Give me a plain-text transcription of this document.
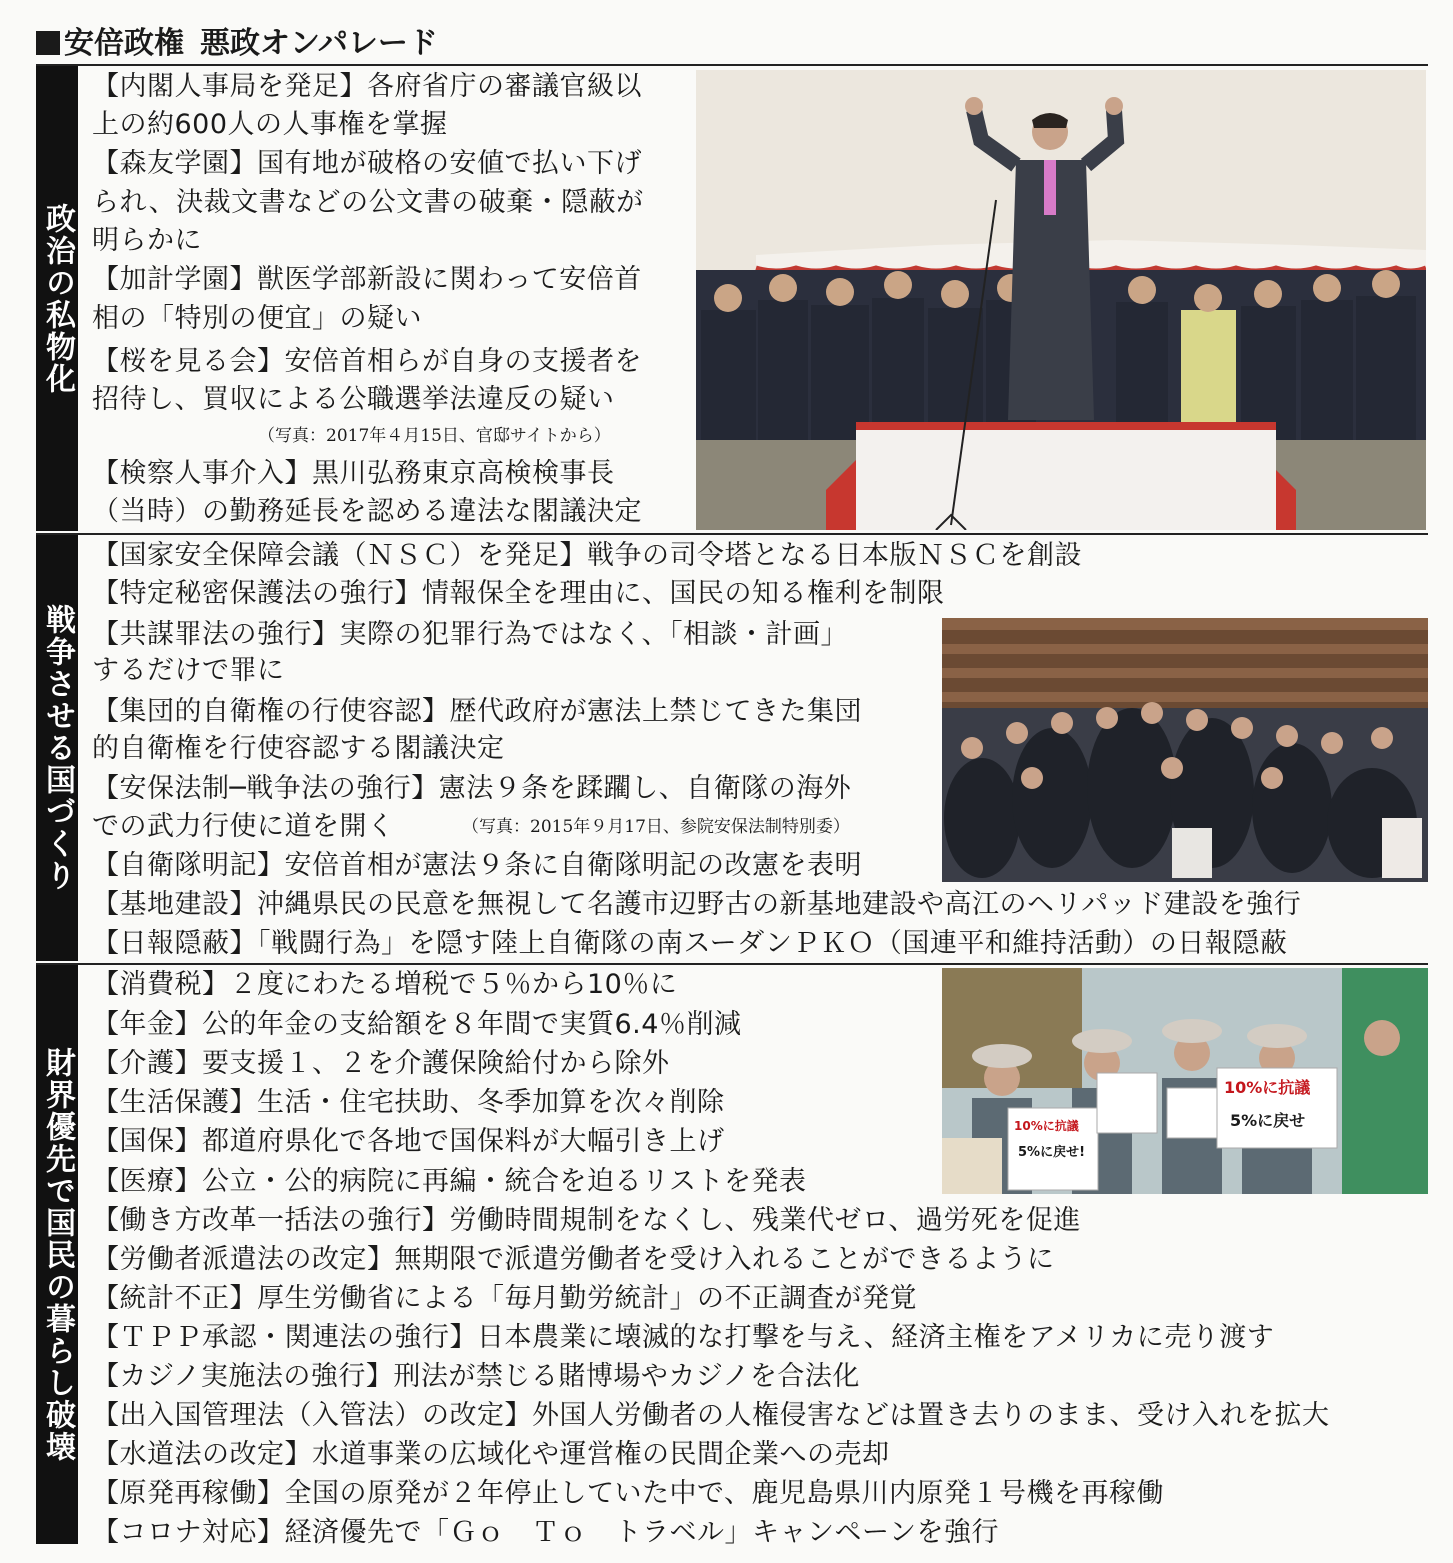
安倍政権 悪政オンパレード
政治の私物化
【内閣人事局を発足】各府省庁の審議官級以
上の約600人の人事権を掌握
【森友学園】国有地が破格の安値で払い下げ
られ、決裁文書などの公文書の破棄・隠蔽が
明らかに
【加計学園】獣医学部新設に関わって安倍首
相の「特別の便宜」の疑い
【桜を見る会】安倍首相らが自身の支援者を
招待し、買収による公職選挙法違反の疑い
（写真：2017年４月15日、官邸サイトから）
【検察人事介入】黒川弘務東京高検検事長
（当時）の勤務延長を認める違法な閣議決定
戦争させる国づくり
【国家安全保障会議（ＮＳＣ）を発足】戦争の司令塔となる日本版ＮＳＣを創設
【特定秘密保護法の強行】情報保全を理由に、国民の知る権利を制限
【共謀罪法の強行】実際の犯罪行為ではなく、「相談・計画」
するだけで罪に
【集団的自衛権の行使容認】歴代政府が憲法上禁じてきた集団
的自衛権を行使容認する閣議決定
【安保法制─戦争法の強行】憲法９条を蹂躙し、自衛隊の海外
での武力行使に道を開く	（写真：2015年９月17日、参院安保法制特別委）
【自衛隊明記】安倍首相が憲法９条に自衛隊明記の改憲を表明
【基地建設】沖縄県民の民意を無視して名護市辺野古の新基地建設や高江のヘリパッド建設を強行
【日報隠蔽】「戦闘行為」を隠す陸上自衛隊の南スーダンＰＫＯ（国連平和維持活動）の日報隠蔽
財界優先で国民の暮らし破壊
【消費税】２度にわたる増税で５％から10％に
【年金】公的年金の支給額を８年間で実質6.4％削減
【介護】要支援１、２を介護保険給付から除外
【生活保護】生活・住宅扶助、冬季加算を次々削除
【国保】都道府県化で各地で国保料が大幅引き上げ
【医療】公立・公的病院に再編・統合を迫るリストを発表
【働き方改革一括法の強行】労働時間規制をなくし、残業代ゼロ、過労死を促進
【労働者派遣法の改定】無期限で派遣労働者を受け入れることができるように
【統計不正】厚生労働省による「毎月勤労統計」の不正調査が発覚
【ＴＰＰ承認・関連法の強行】日本農業に壊滅的な打撃を与え、経済主権をアメリカに売り渡す
【カジノ実施法の強行】刑法が禁じる賭博場やカジノを合法化
【出入国管理法（入管法）の改定】外国人労働者の人権侵害などは置き去りのまま、受け入れを拡大
【水道法の改定】水道事業の広域化や運営権の民間企業への売却
【原発再稼働】全国の原発が２年停止していた中で、鹿児島県川内原発１号機を再稼働
【コロナ対応】経済優先で「Ｇｏ　Ｔｏ　トラベル」キャンペーンを強行
10%に抗議
5%に戻せ!
10%に抗議
5%に戻せ
